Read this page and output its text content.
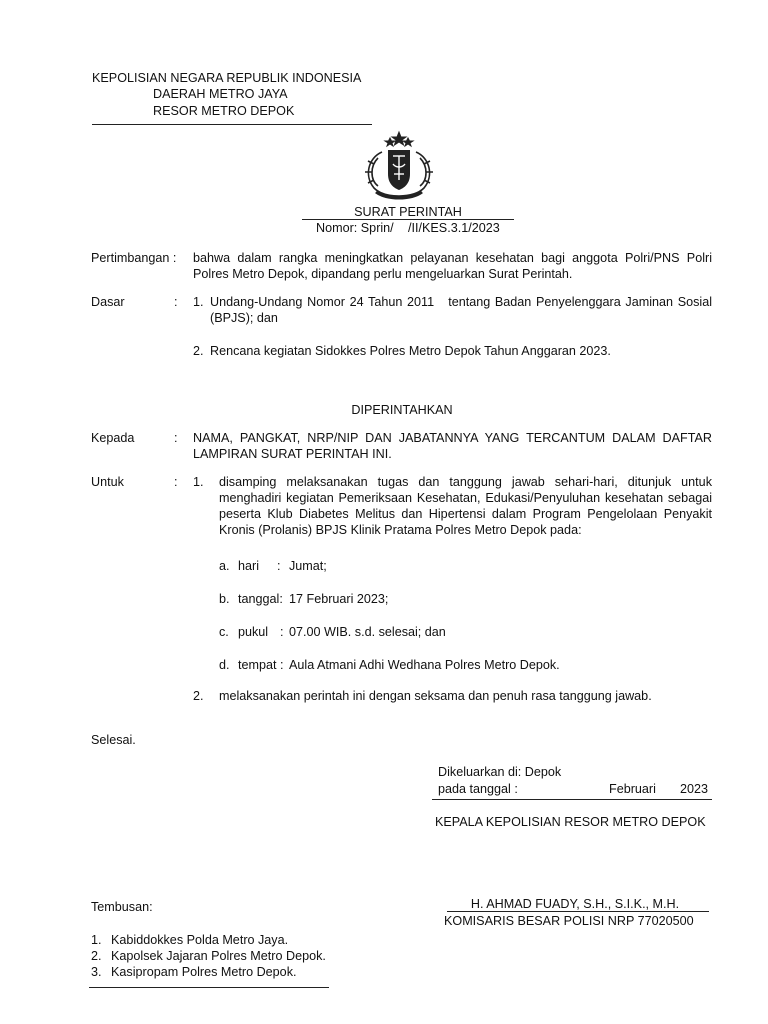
KEPOLISIAN NEGARA REPUBLIK INDONESIA
DAERAH METRO JAYA
RESOR METRO DEPOK
SURAT PERINTAH
Nomor: Sprin/ /II/KES.3.1/2023
Pertimbangan : bahwa dalam rangka meningkatkan pelayanan kesehatan bagi anggota Polri/PNS Polri Polres Metro Depok, dipandang perlu mengeluarkan Surat Perintah.
Dasar	: 1. Undang-Undang Nomor 24 Tahun 2011   tentang Badan Penyelenggara Jaminan Sosial (BPJS); dan
2. Rencana kegiatan Sidokkes Polres Metro Depok Tahun Anggaran 2023.
DIPERINTAHKAN
Kepada	: NAMA, PANGKAT, NRP/NIP DAN JABATANNYA YANG TERCANTUM DALAM DAFTAR LAMPIRAN SURAT PERINTAH INI.
Untuk	: 1. disamping melaksanakan tugas dan tanggung jawab sehari-hari, ditunjuk untuk menghadiri kegiatan Pemeriksaan Kesehatan, Edukasi/Penyuluhan kesehatan sebagai peserta Klub Diabetes Melitus dan Hipertensi dalam Program Pengelolaan Penyakit Kronis (Prolanis) BPJS Klinik Pratama Polres Metro Depok pada:
a. hari : Jumat;
b. tanggal: 17 Februari 2023;
c. pukul : 07.00 WIB. s.d. selesai; dan
d. tempat : Aula Atmani Adhi Wedhana Polres Metro Depok.
2. melaksanakan perintah ini dengan seksama dan penuh rasa tanggung jawab.
Selesai.
Dikeluarkan di: Depok
pada tanggal :	Februari 2023
KEPALA KEPOLISIAN RESOR METRO DEPOK
Tembusan:	H. AHMAD FUADY, S.H., S.I.K., M.H.
KOMISARIS BESAR POLISI NRP 77020500
1. Kabiddokkes Polda Metro Jaya.
2. Kapolsek Jajaran Polres Metro Depok.
3. Kasipropam Polres Metro Depok.
